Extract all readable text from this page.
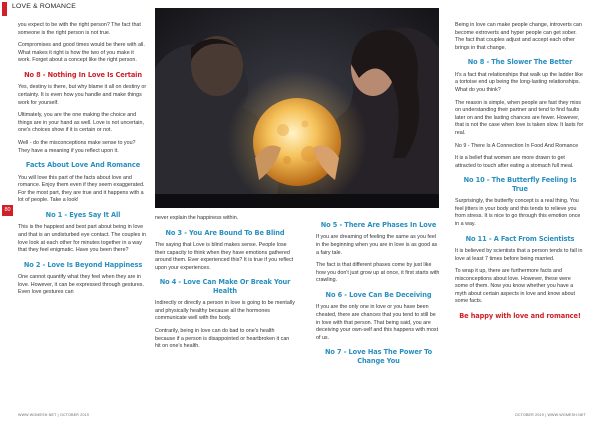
LOVE & ROMANCE
80

you expect to be with the right person? The fact that someone is the right person is not true.

Compromises and good times would be there with all. What makes it right is how the two of you make it work. Forget about a concept like the right person.

No 8 - Nothing In Love Is Certain

Yes, destiny is there, but why blame it all on destiny or certainty. It is even how you handle and make things work for yourself.

Ultimately, you are the one making the choice and things are in your hand as well. Love is not uncertain, one's choices show if it is certain or not.

Well - do the misconceptions make sense to you? They have a meaning if you reflect upon it.

Facts About Love And Romance

You will love this part of the facts about love and romance. Enjoy them even if they seem exaggerated. For the most part, they are true and it happens with a lot of people. Take a look!

No 1 - Eyes Say It All

This is the happiest and best part about being in love and that is an undisturbed eye contact. The couples in love look at each other for minutes together in a way that they feel enigmatic. Have you been there?

No 2 - Love Is Beyond Happiness

One cannot quantify what they feel when they are in love. However, it can be expressed through gestures. Even love gestures can

never explain the happiness within.

No 3 - You Are Bound To Be Blind

The saying that Love is blind makes sense. People lose their capacity to think when they have emotions gathered around them. Ever experienced this? It is true if you reflect upon your experiences.

No 4 - Love Can Make Or Break Your Health

Indirectly or directly a person in love is going to be mentally and physically healthy because all the hormones communicate well with the body.

Contrarily, being in love can do bad to one's health because if a person is disappointed or heartbroken it can hit on one's health.

No 5 - There Are Phases In Love

If you are dreaming of feeling the same as you feel in the beginning when you are in love is as good as a fairy tale.

The fact is that different phases come by just like how you don't just grow up at once, it first starts with crawling.

No 6 - Love Can Be Deceiving

If you are the only one in love or you have been cheated, there are chances that you tend to still be in love with that person. That being said, you are deceiving your own-self and this happens with most of us.

No 7 - Love Has The Power To Change You

Being in love can make people change, introverts can become extroverts and hyper people can get sober. The fact that couples adjust and accept each other brings in that change.

No 8 - The Slower The Better

It's a fact that relationships that walk up the ladder like a tortoise end up being the long-lasting relationships. What do you think?

The reason is simple, when people are fast they miss on understanding their partner and tend to find faults later on and the lasting chances are fewer. However, that is not the case when love is taken slow. It lasts for real.

No 9 - There Is A Connection In Food And Romance

It is a belief that women are more drawn to get attracted to touch after eating a stomach full meal.

No 10 - The Butterfly Feeling Is True

Surprisingly, the butterfly concept is a real thing. You feel jitters in your body and this tends to relieve you from stress. It is nice to go through this emotion once in a way.

No 11 - A Fact From Scientists

It is believed by scientists that a person tends to fall in love at least 7 times before being married.

To wrap it up, there are furthermore facts and misconceptions about love. However, these were some of them. Now you know whether you have a myth about certain aspects in love and know about some facts.

Be happy with love and romance!
WWW.WGMESH.NET | OCTOBER 2019	OCTOBER 2019 | WWW.WGMESH.NET
